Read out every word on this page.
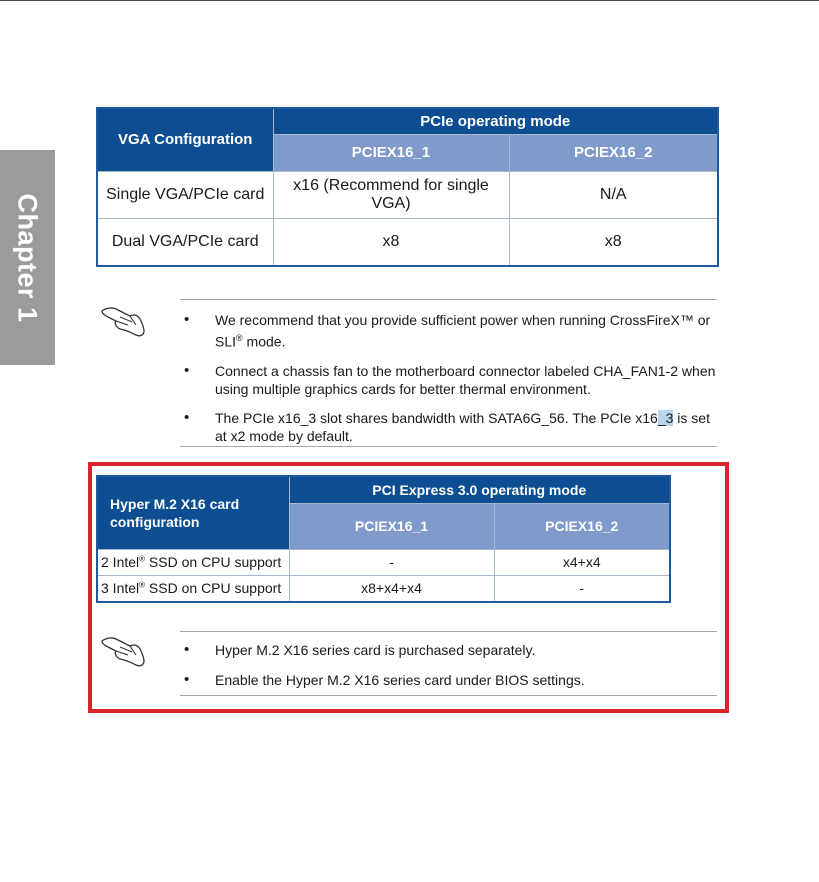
Chapter 1
VGA Configuration	PCIe operating mode	
	PCIEX16_1	PCIEX16_2
Single VGA/PCIe card	x16 (Recommend for single VGA)	N/A
Dual VGA/PCIe card	x8	x8
• We recommend that you provide sufficient power when running CrossFireX™ or SLI® mode.
• Connect a chassis fan to the motherboard connector labeled CHA_FAN1-2 when using multiple graphics cards for better thermal environment.
• The PCIe x16_3 slot shares bandwidth with SATA6G_56. The PCIe x16_3 is set at x2 mode by default.
Hyper M.2 X16 card
configuration	PCI Express 3.0 operating mode	
	PCIEX16_1	PCIEX16_2
2 Intel® SSD on CPU support	-	x4+x4
3 Intel® SSD on CPU support	x8+x4+x4	-
• Hyper M.2 X16 series card is purchased separately.
• Enable the Hyper M.2 X16 series card under BIOS settings.
